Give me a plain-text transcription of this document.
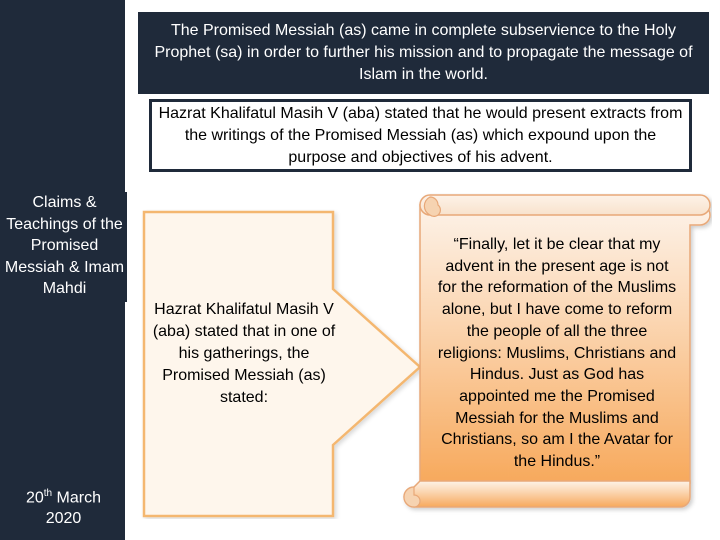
Claims & Teachings of the Promised Messiah & Imam Mahdi
20th March
2020
The Promised Messiah (as) came in complete subservience to the Holy Prophet (sa) in order to further his mission and to propagate the message of Islam in the world.
Hazrat Khalifatul Masih V (aba) stated that he would present extracts from the writings of the Promised Messiah (as) which expound upon the purpose and objectives of his advent.
Hazrat Khalifatul Masih V (aba) stated that in one of his gatherings, the Promised Messiah (as) stated:
“Finally, let it be clear that my advent in the present age is not for the reformation of the Muslims alone, but I have come to reform the people of all the three religions: Muslims, Christians and Hindus. Just as God has appointed me the Promised Messiah for the Muslims and Christians, so am I the Avatar for the Hindus.”
